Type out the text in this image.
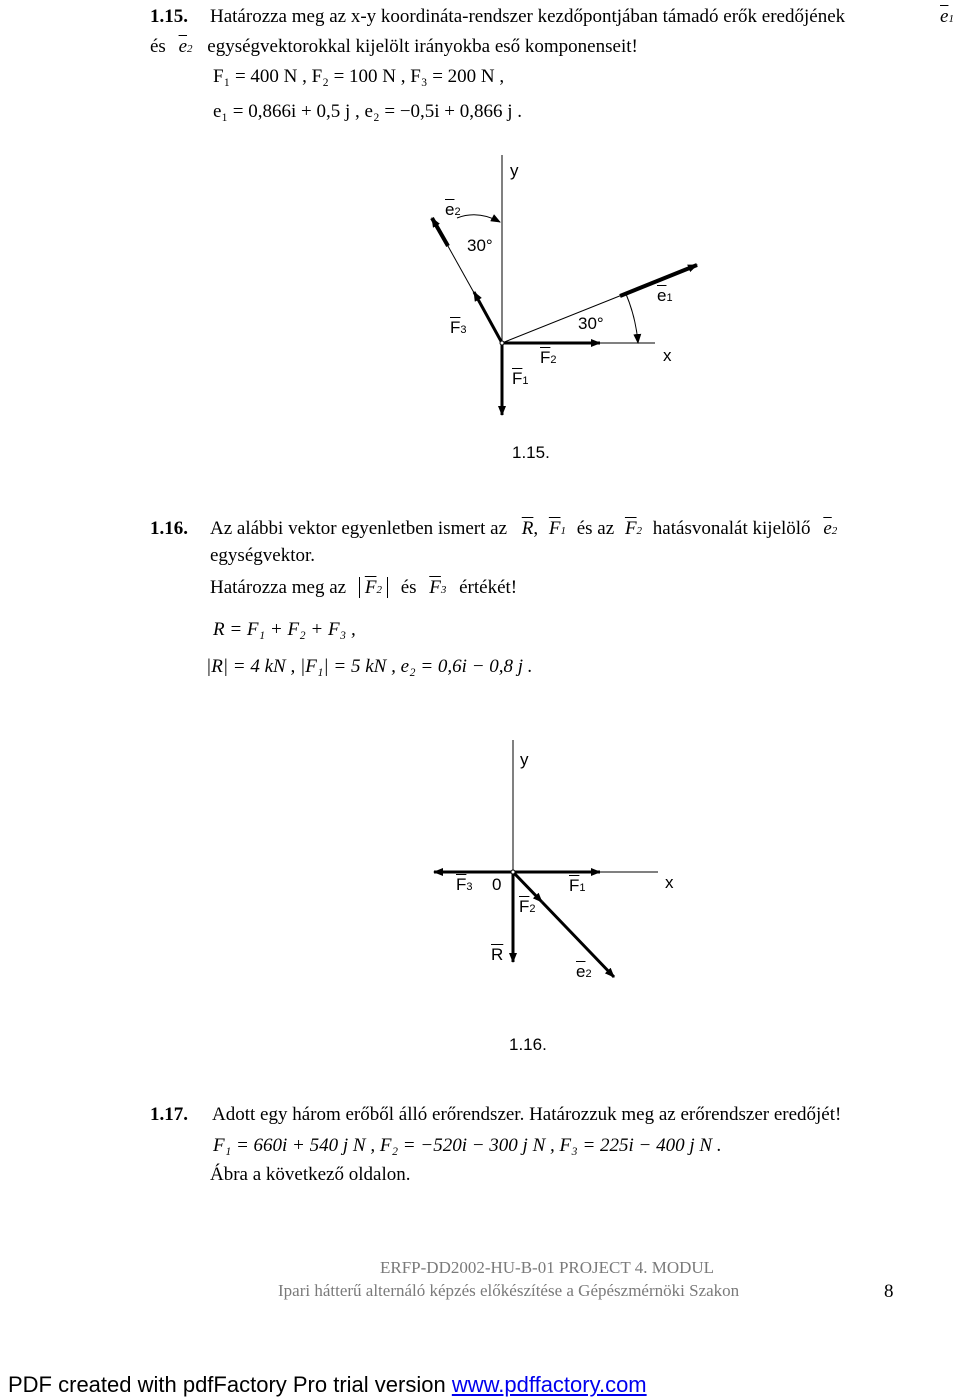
1.15. Határozza meg az x-y koordináta-rendszer kezdőpontjában támadó erők eredőjének	$\overline{e}1$
és $\overline{e}2$ egységvektorokkal kijelölt irányokba eső komponenseit!
F₁ = 400 N , F₂ = 100 N , F₃ = 200 N ,
e₁ = 0,866i + 0,5 j , e₂ = −0,5i + 0,866 j .
y
x
$\overline{e}2$
$\overline{e}1$
30°
30°
$\overline{F}3$
$\overline{F}2$
$\overline{F}1$
1.15.
1.16. Az alábbi vektor egyenletben ismert az $\overline{R}$, $\overline{F}1$ és az $\overline{F}2$ hatásvonalát kijelölő $\overline{e}2$
egységvektor.
Határozza meg az $\overline{F}2$ és $\overline{F}3$ értékét!
R = F₁ + F₂ + F₃ ,
|R| = 4 kN , |F₁| = 5 kN , e₂ = 0,6i − 0,8 j .
y
x
0
$\overline{F}3$	$\overline{F}1$
$\overline{F}2$
$\overline{R}$
$\overline{e}2$
1.16.
1.17. Adott egy három erőből álló erőrendszer. Határozzuk meg az erőrendszer eredőjét!
F₁ = 660i + 540 j N , F₂ = −520i − 300 j N , F₃ = 225i − 400 j N .
Ábra a következő oldalon.
ERFP-DD2002-HU-B-01 PROJECT 4. MODUL
Ipari hátterű alternáló képzés előkészítése a Gépészmérnöki Szakon	8
PDF created with pdfFactory Pro trial version www.pdffactory.com
